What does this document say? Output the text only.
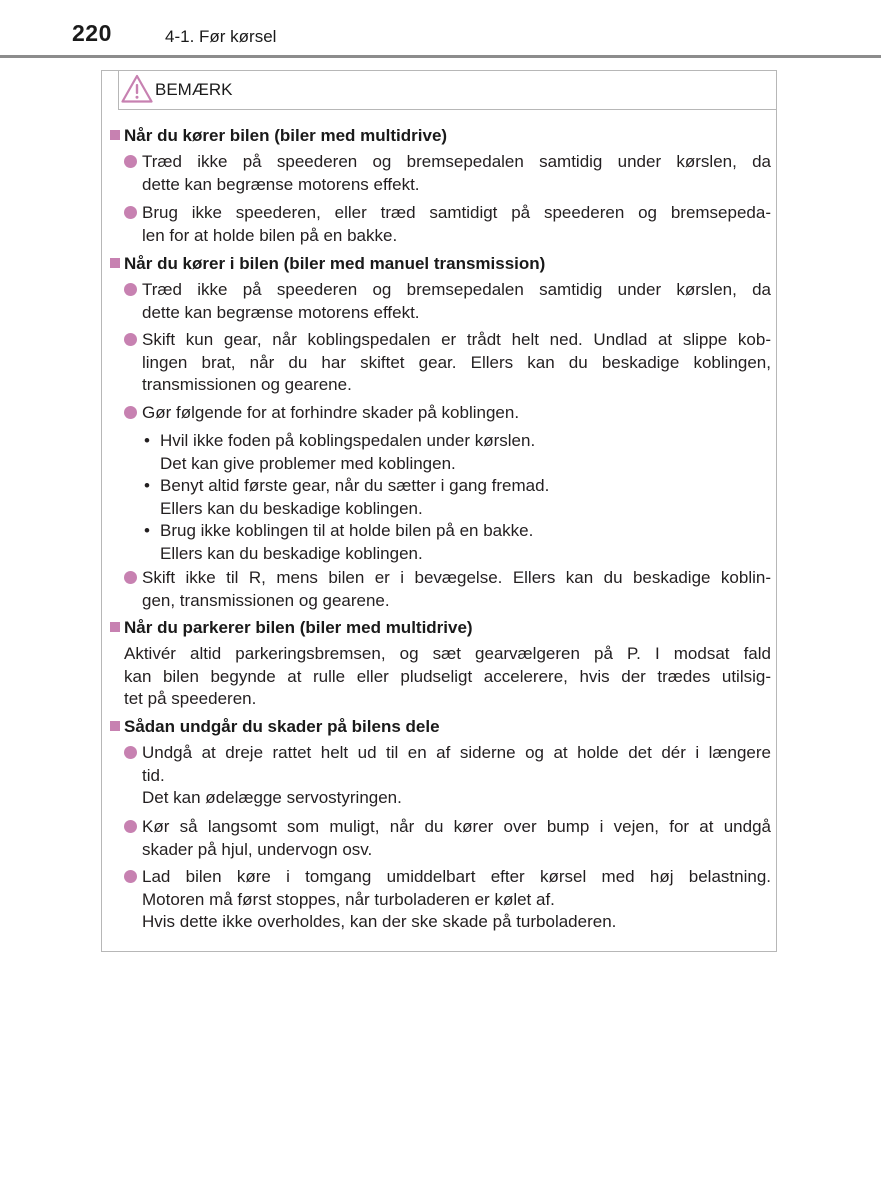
220	4-1. Før kørsel
BEMÆRK
Når du kører bilen (biler med multidrive)
Træd ikke på speederen og bremsepedalen samtidig under kørslen, da
dette kan begrænse motorens effekt.
Brug ikke speederen, eller træd samtidigt på speederen og bremsepeda-
len for at holde bilen på en bakke.
Når du kører i bilen (biler med manuel transmission)
Træd ikke på speederen og bremsepedalen samtidig under kørslen, da
dette kan begrænse motorens effekt.
Skift kun gear, når koblingspedalen er trådt helt ned. Undlad at slippe kob-
lingen brat, når du har skiftet gear. Ellers kan du beskadige koblingen,
transmissionen og gearene.
Gør følgende for at forhindre skader på koblingen.
• Hvil ikke foden på koblingspedalen under kørslen.
Det kan give problemer med koblingen.
• Benyt altid første gear, når du sætter i gang fremad.
Ellers kan du beskadige koblingen.
• Brug ikke koblingen til at holde bilen på en bakke.
Ellers kan du beskadige koblingen.
Skift ikke til R, mens bilen er i bevægelse. Ellers kan du beskadige koblin-
gen, transmissionen og gearene.
Når du parkerer bilen (biler med multidrive)
Aktivér altid parkeringsbremsen, og sæt gearvælgeren på P. I modsat fald
kan bilen begynde at rulle eller pludseligt accelerere, hvis der trædes utilsig-
tet på speederen.
Sådan undgår du skader på bilens dele
Undgå at dreje rattet helt ud til en af siderne og at holde det dér i længere
tid.
Det kan ødelægge servostyringen.
Kør så langsomt som muligt, når du kører over bump i vejen, for at undgå
skader på hjul, undervogn osv.
Lad bilen køre i tomgang umiddelbart efter kørsel med høj belastning.
Motoren må først stoppes, når turboladeren er kølet af.
Hvis dette ikke overholdes, kan der ske skade på turboladeren.
